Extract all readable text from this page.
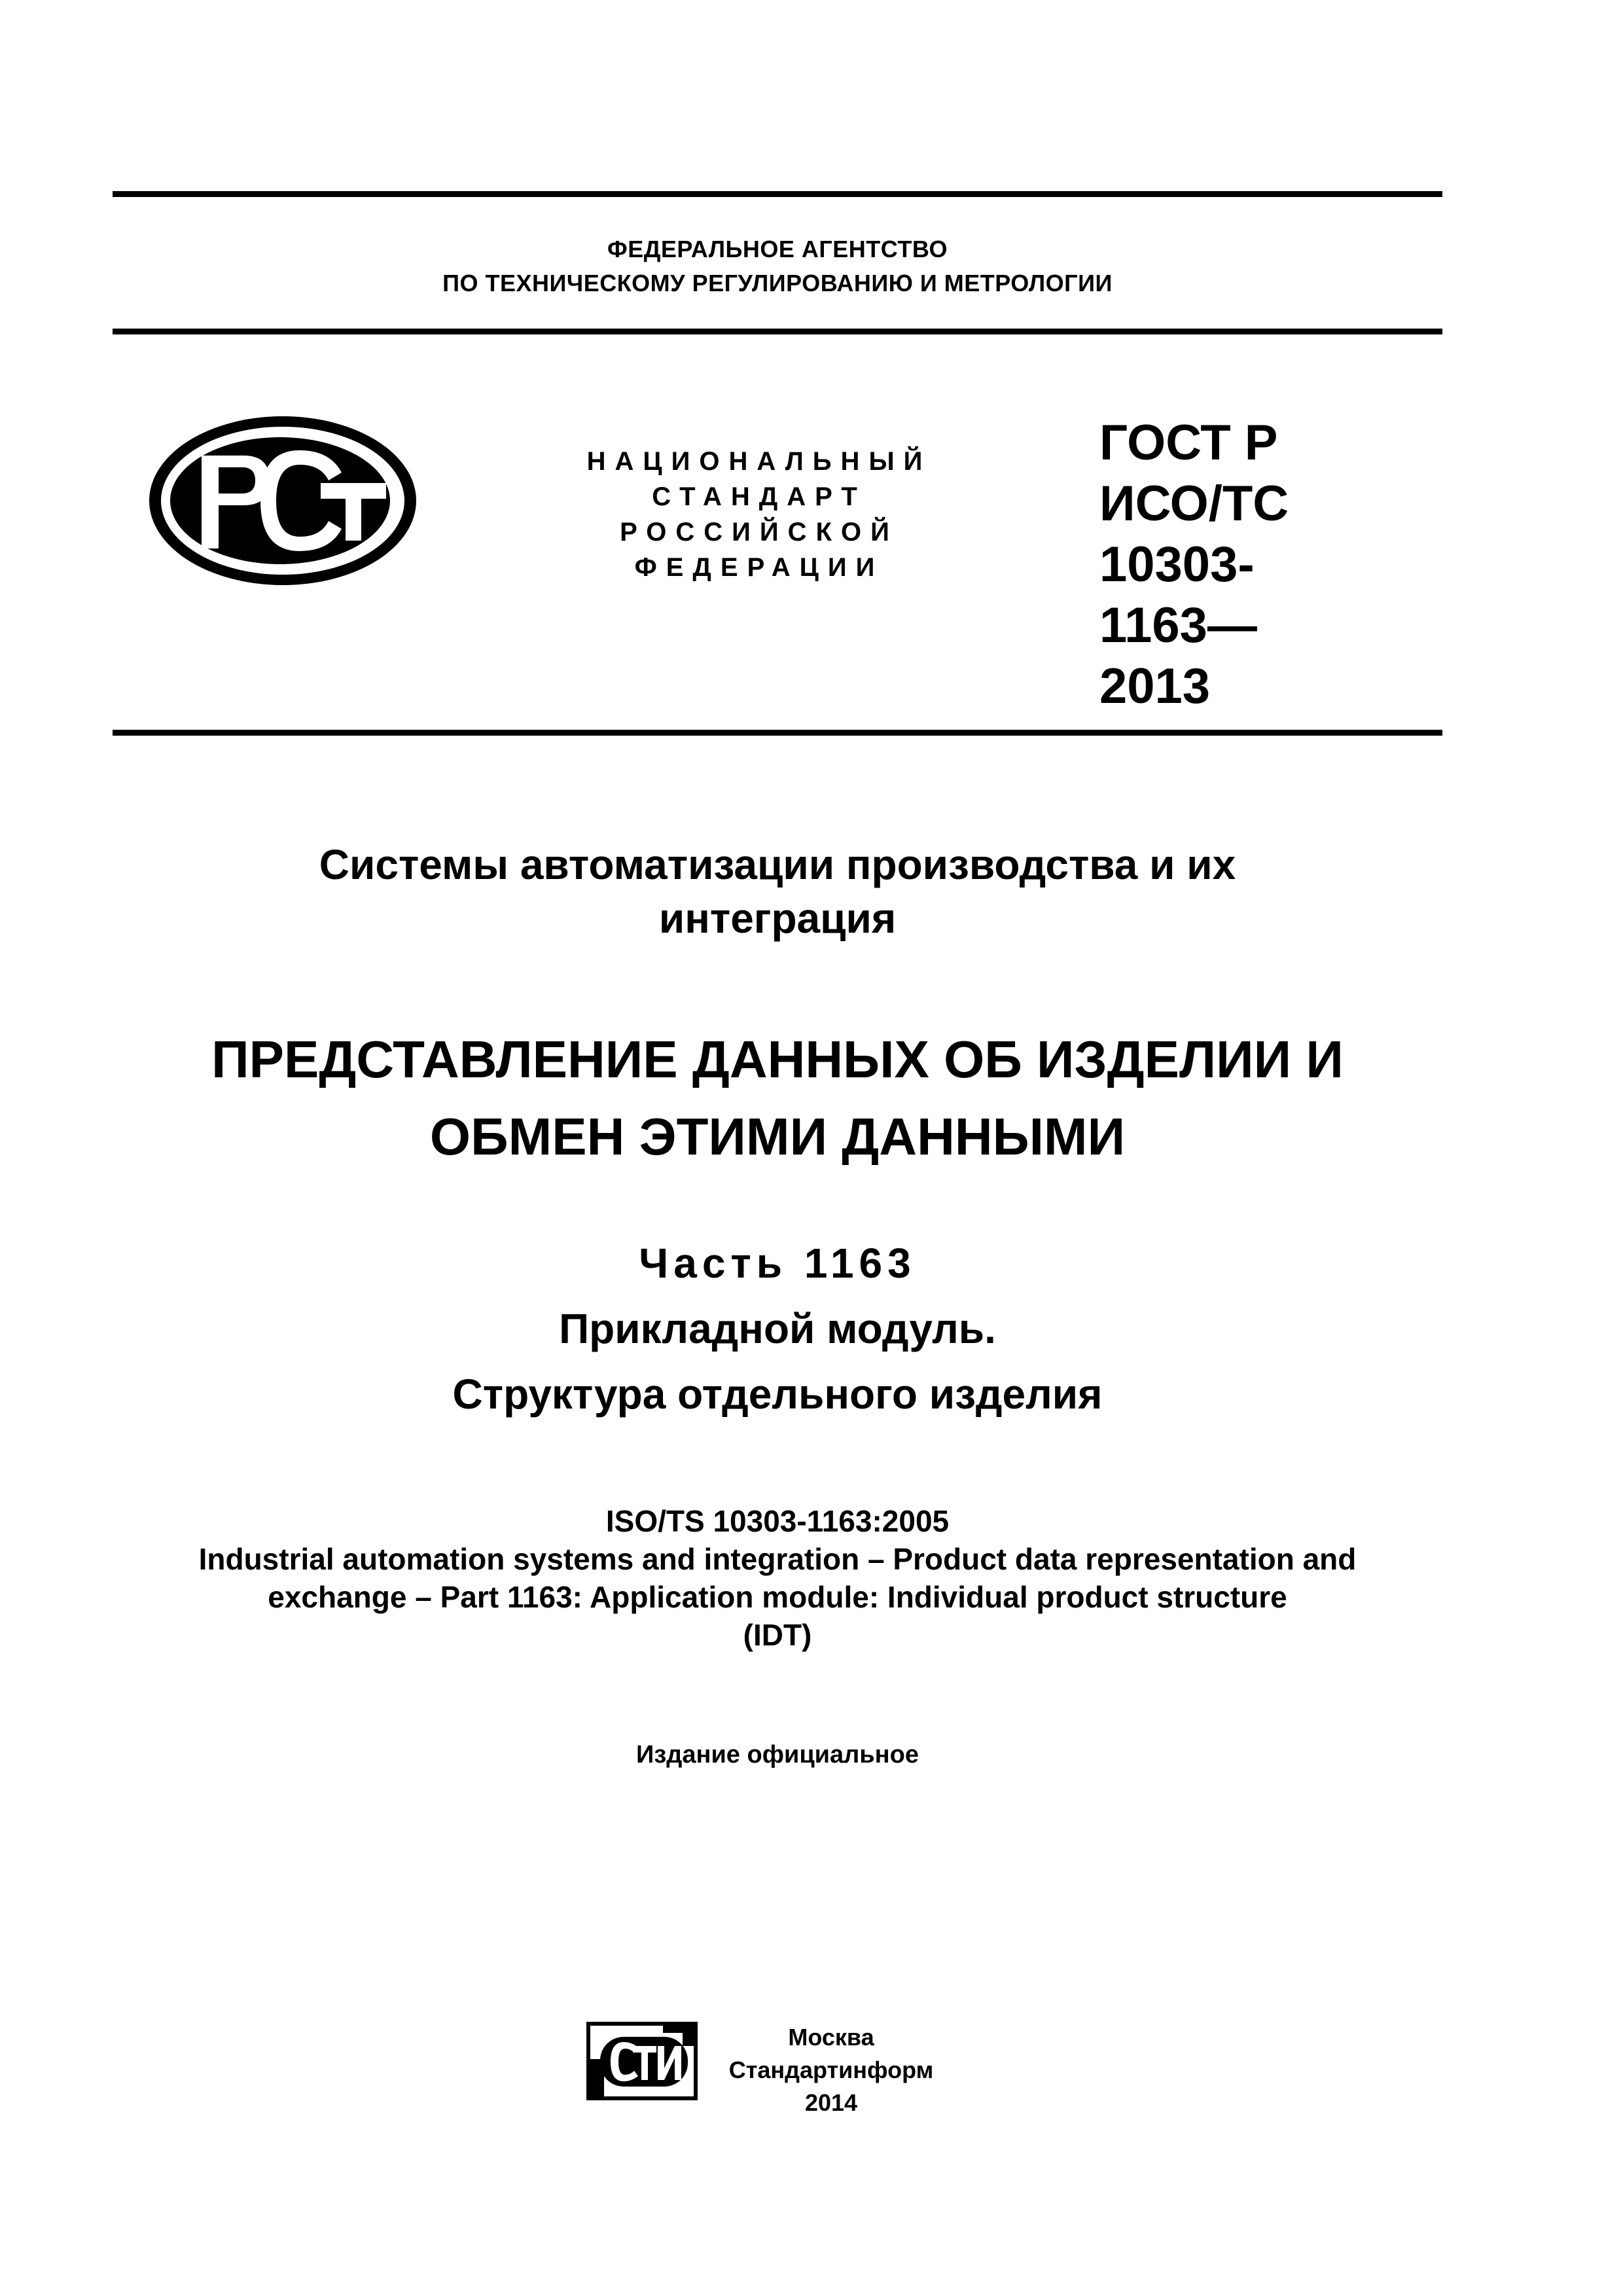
ФЕДЕРАЛЬНОЕ АГЕНТСТВО
ПО ТЕХНИЧЕСКОМУ РЕГУЛИРОВАНИЮ И МЕТРОЛОГИИ
НАЦИОНАЛЬНЫЙ
СТАНДАРТ
РОССИЙСКОЙ
ФЕДЕРАЦИИ
ГОСТ Р
ИСО/ТС
10303-
1163—
2013
Системы автоматизации производства и их
интеграция
ПРЕДСТАВЛЕНИЕ ДАННЫХ ОБ ИЗДЕЛИИ И
ОБМЕН ЭТИМИ ДАННЫМИ
Часть 1163
Прикладной модуль.
Структура отдельного изделия
ISO/TS 10303-1163:2005
Industrial automation systems and integration – Product data representation and
exchange – Part 1163: Application module: Individual product structure
(IDT)
Издание официальное
Москва
Стандартинформ
2014
